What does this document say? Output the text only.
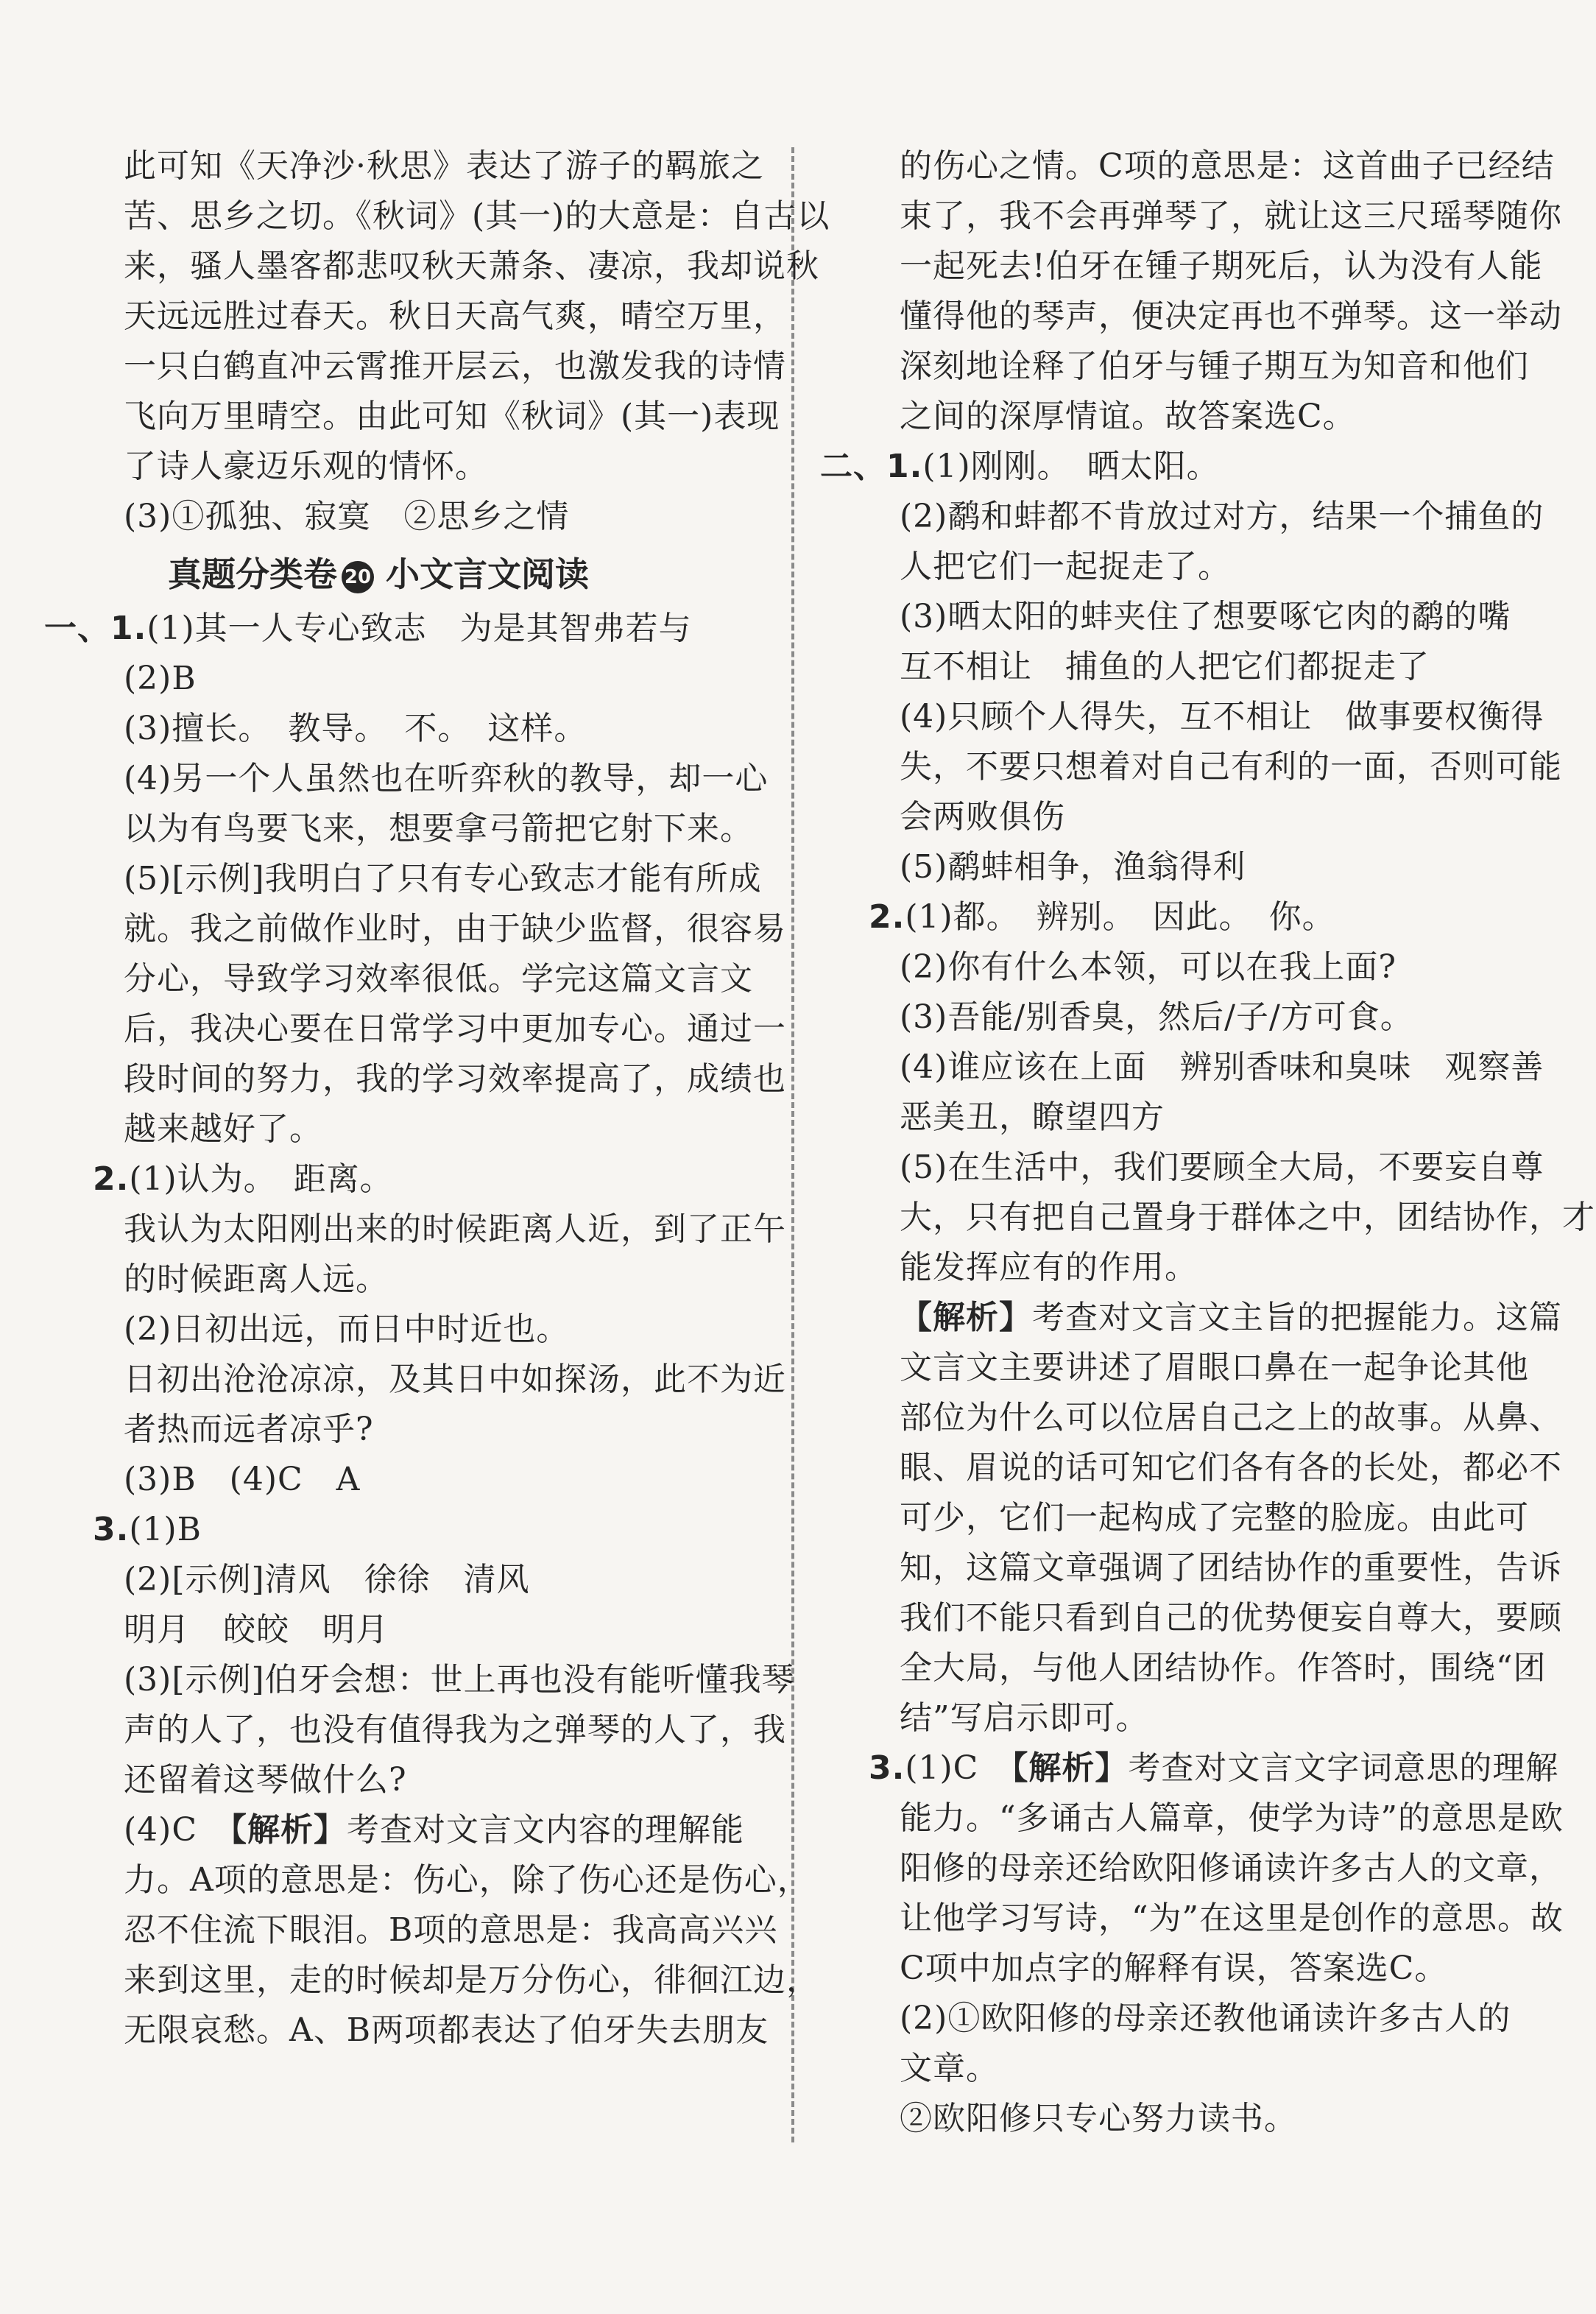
此可知《天净沙·秋思》表达了游子的羁旅之
苦、思乡之切。《秋词》(其一)的大意是：自古以
来，骚人墨客都悲叹秋天萧条、凄凉，我却说秋
天远远胜过春天。秋日天高气爽，晴空万里，
一只白鹤直冲云霄推开层云，也激发我的诗情
飞向万里晴空。由此可知《秋词》(其一)表现
了诗人豪迈乐观的情怀。
(3)①孤独、寂寞　②思乡之情
真题分类卷 20 小文言文阅读
一、1.(1)其一人专心致志　为是其智弗若与
(2)B
(3)擅长。　教导。　不。　这样。
(4)另一个人虽然也在听弈秋的教导，却一心
以为有鸟要飞来，想要拿弓箭把它射下来。
(5)[示例]我明白了只有专心致志才能有所成
就。我之前做作业时，由于缺少监督，很容易
分心，导致学习效率很低。学完这篇文言文
后，我决心要在日常学习中更加专心。通过一
段时间的努力，我的学习效率提高了，成绩也
越来越好了。
2.(1)认为。　距离。
我认为太阳刚出来的时候距离人近，到了正午
的时候距离人远。
(2)日初出远，而日中时近也。
日初出沧沧凉凉，及其日中如探汤，此不为近
者热而远者凉乎?
(3)B　(4)C　A
3.(1)B
(2)[示例]清风　徐徐　清风
明月　皎皎　明月
(3)[示例]伯牙会想：世上再也没有能听懂我琴
声的人了，也没有值得我为之弹琴的人了，我
还留着这琴做什么?
(4)C　【解析】考查对文言文内容的理解能
力。A项的意思是：伤心，除了伤心还是伤心，
忍不住流下眼泪。B项的意思是：我高高兴兴
来到这里，走的时候却是万分伤心，徘徊江边，
无限哀愁。A、B两项都表达了伯牙失去朋友
的伤心之情。C项的意思是：这首曲子已经结
束了，我不会再弹琴了，就让这三尺瑶琴随你
一起死去!伯牙在锺子期死后，认为没有人能
懂得他的琴声，便决定再也不弹琴。这一举动
深刻地诠释了伯牙与锺子期互为知音和他们
之间的深厚情谊。故答案选C。
二、1.(1)刚刚。　晒太阳。
(2)鹬和蚌都不肯放过对方，结果一个捕鱼的
人把它们一起捉走了。
(3)晒太阳的蚌夹住了想要啄它肉的鹬的嘴
互不相让　捕鱼的人把它们都捉走了
(4)只顾个人得失，互不相让　做事要权衡得
失，不要只想着对自己有利的一面，否则可能
会两败俱伤
(5)鹬蚌相争，渔翁得利
2.(1)都。　辨别。　因此。　你。
(2)你有什么本领，可以在我上面?
(3)吾能/别香臭，然后/子/方可食。
(4)谁应该在上面　辨别香味和臭味　观察善
恶美丑，瞭望四方
(5)在生活中，我们要顾全大局，不要妄自尊
大，只有把自己置身于群体之中，团结协作，才
能发挥应有的作用。
【解析】考查对文言文主旨的把握能力。这篇
文言文主要讲述了眉眼口鼻在一起争论其他
部位为什么可以位居自己之上的故事。从鼻、
眼、眉说的话可知它们各有各的长处，都必不
可少，它们一起构成了完整的脸庞。由此可
知，这篇文章强调了团结协作的重要性，告诉
我们不能只看到自己的优势便妄自尊大，要顾
全大局，与他人团结协作。作答时，围绕“团
结”写启示即可。
3.(1)C　【解析】考查对文言文字词意思的理解
能力。“多诵古人篇章，使学为诗”的意思是欧
阳修的母亲还给欧阳修诵读许多古人的文章，
让他学习写诗，“为”在这里是创作的意思。故
C项中加点字的解释有误，答案选C。
(2)①欧阳修的母亲还教他诵读许多古人的
文章。
②欧阳修只专心努力读书。
